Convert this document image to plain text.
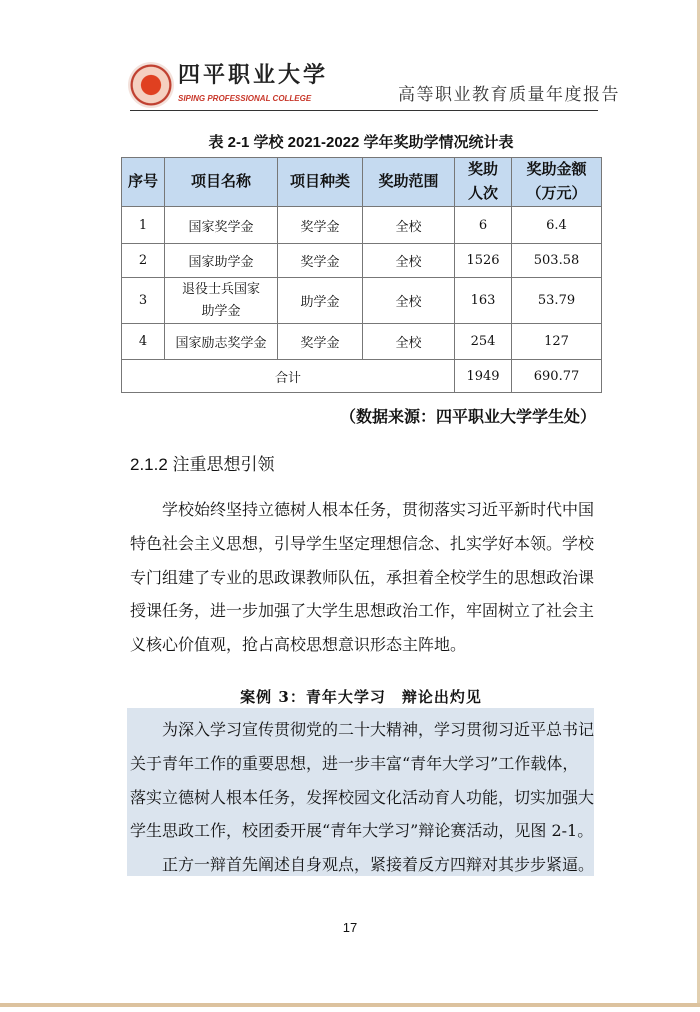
四平职业大学
SIPING PROFESSIONAL COLLEGE	高等职业教育质量年度报告
表 2-1 学校 2021-2022 学年奖助学情况统计表
序号	项目名称	项目种类	奖助范围	奖助人次	奖助金额
（万元）

1	国家奖学金	奖学金	全校	6	6.4
2	国家助学金	奖学金	全校	1526	503.58
3	退役士兵国家
助学金	助学金	全校	163	53.79
4	国家励志奖学金	奖学金	全校	254	127
合计				1949	690.77
（数据来源：四平职业大学学生处）
2.1.2 注重思想引领
学校始终坚持立德树人根本任务，贯彻落实习近平新时代中国
特色社会主义思想，引导学生坚定理想信念、扎实学好本领。学校
专门组建了专业的思政课教师队伍，承担着全校学生的思想政治课
授课任务，进一步加强了大学生思想政治工作，牢固树立了社会主
义核心价值观，抢占高校思想意识形态主阵地。
案例 3：青年大学习　辩论出灼见
为深入学习宣传贯彻党的二十大精神，学习贯彻习近平总书记
关于青年工作的重要思想，进一步丰富“青年大学习”工作载体，
落实立德树人根本任务，发挥校园文化活动育人功能，切实加强大
学生思政工作，校团委开展“青年大学习”辩论赛活动，见图 2-1。
正方一辩首先阐述自身观点，紧接着反方四辩对其步步紧逼。
17
